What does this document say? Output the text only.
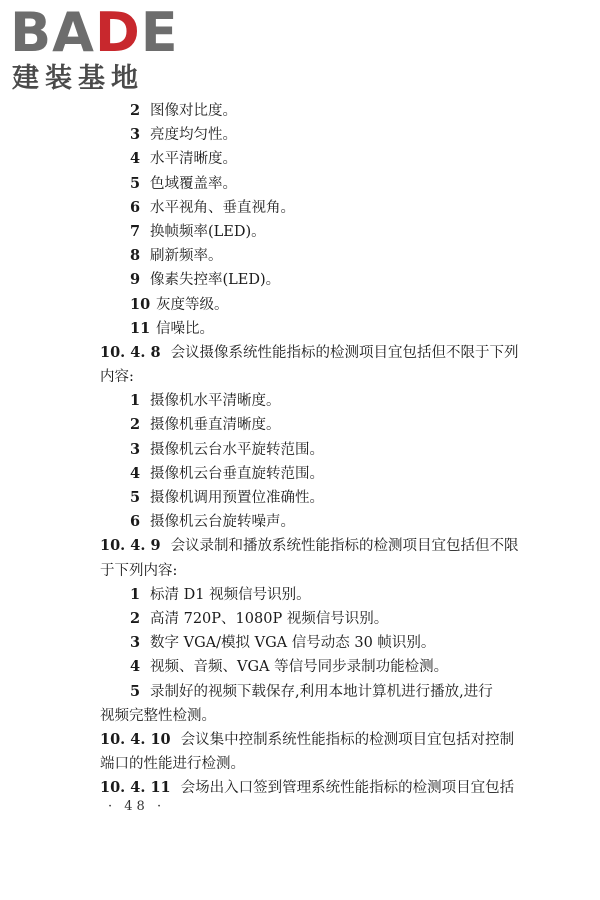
BADE
建装基地
2 图像对比度。
3 亮度均匀性。
4 水平清晰度。
5 色域覆盖率。
6 水平视角、垂直视角。
7 换帧频率(LED)。
8 刷新频率。
9 像素失控率(LED)。
10 灰度等级。
11 信噪比。
10. 4. 8 会议摄像系统性能指标的检测项目宜包括但不限于下列
内容:
1 摄像机水平清晰度。
2 摄像机垂直清晰度。
3 摄像机云台水平旋转范围。
4 摄像机云台垂直旋转范围。
5 摄像机调用预置位准确性。
6 摄像机云台旋转噪声。
10. 4. 9 会议录制和播放系统性能指标的检测项目宜包括但不限
于下列内容:
1 标清 D1 视频信号识别。
2 高清 720P、1080P 视频信号识别。
3 数字 VGA/模拟 VGA 信号动态 30 帧识别。
4 视频、音频、VGA 等信号同步录制功能检测。
5 录制好的视频下载保存,利用本地计算机进行播放,进行
视频完整性检测。
10. 4. 10 会议集中控制系统性能指标的检测项目宜包括对控制
端口的性能进行检测。
10. 4. 11 会场出入口签到管理系统性能指标的检测项目宜包括
· 48 ·
